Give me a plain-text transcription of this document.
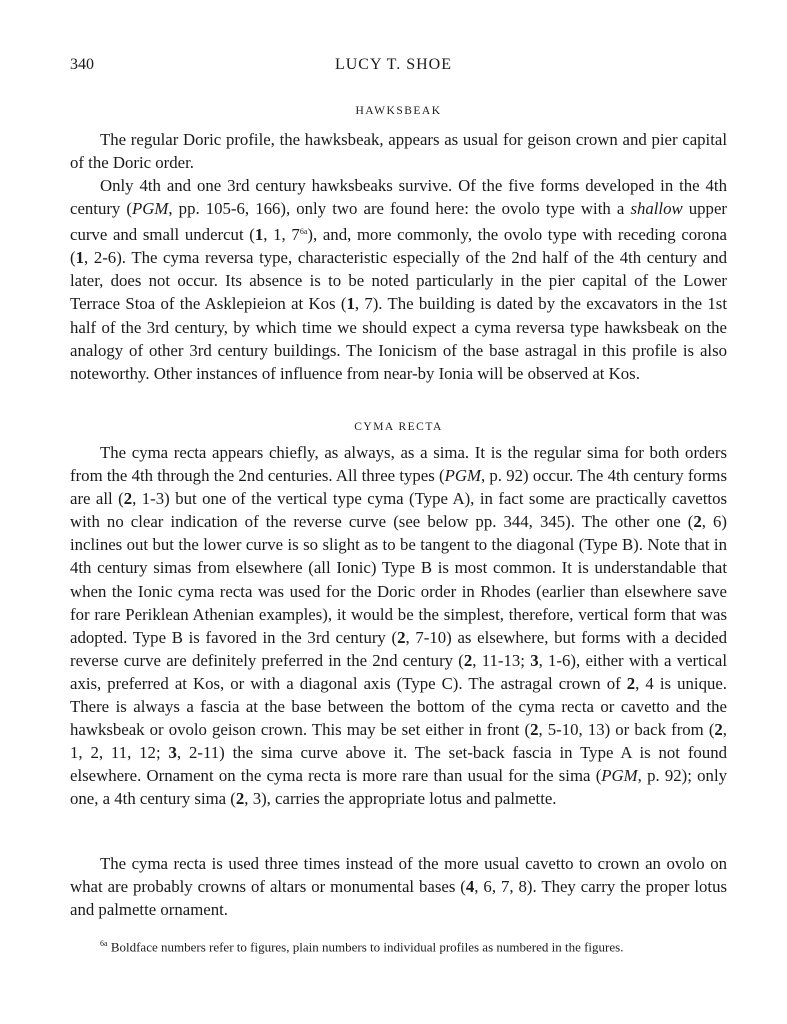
340	LUCY T. SHOE
HAWKSBEAK

The regular Doric profile, the hawksbeak, appears as usual for geison crown and pier capital of the Doric order.

Only 4th and one 3rd century hawksbeaks survive. Of the five forms developed in the 4th century (PGM, pp. 105-6, 166), only two are found here: the ovolo type with a shallow upper curve and small undercut (1, 1, 7$^{6a}$), and, more commonly, the ovolo type with receding corona (1, 2-6). The cyma reversa type, characteristic especially of the 2nd half of the 4th century and later, does not occur. Its absence is to be noted particularly in the pier capital of the Lower Terrace Stoa of the Asklepieion at Kos (1, 7). The building is dated by the excavators in the 1st half of the 3rd century, by which time we should expect a cyma reversa type hawksbeak on the analogy of other 3rd century buildings. The Ionicism of the base astragal in this profile is also noteworthy. Other instances of influence from near-by Ionia will be observed at Kos.

CYMA RECTA

The cyma recta appears chiefly, as always, as a sima. It is the regular sima for both orders from the 4th through the 2nd centuries. All three types (PGM, p. 92) occur. The 4th century forms are all (2, 1-3) but one of the vertical type cyma (Type A), in fact some are practically cavettos with no clear indication of the reverse curve (see below pp. 344, 345). The other one (2, 6) inclines out but the lower curve is so slight as to be tangent to the diagonal (Type B). Note that in 4th century simas from elsewhere (all Ionic) Type B is most common. It is understandable that when the Ionic cyma recta was used for the Doric order in Rhodes (earlier than elsewhere save for rare Periklean Athenian examples), it would be the simplest, therefore, vertical form that was adopted. Type B is favored in the 3rd century (2, 7-10) as elsewhere, but forms with a decided reverse curve are definitely preferred in the 2nd century (2, 11-13; 3, 1-6), either with a vertical axis, preferred at Kos, or with a diagonal axis (Type C). The astragal crown of 2, 4 is unique. There is always a fascia at the base between the bottom of the cyma recta or cavetto and the hawksbeak or ovolo geison crown. This may be set either in front (2, 5-10, 13) or back from (2, 1, 2, 11, 12; 3, 2-11) the sima curve above it. The set-back fascia in Type A is not found elsewhere. Ornament on the cyma recta is more rare than usual for the sima (PGM, p. 92); only one, a 4th century sima (2, 3), carries the appropriate lotus and palmette.

The cyma recta is used three times instead of the more usual cavetto to crown an ovolo on what are probably crowns of altars or monumental bases (4, 6, 7, 8). They carry the proper lotus and palmette ornament.

$^{6a}$ Boldface numbers refer to figures, plain numbers to individual profiles as numbered in the figures.
